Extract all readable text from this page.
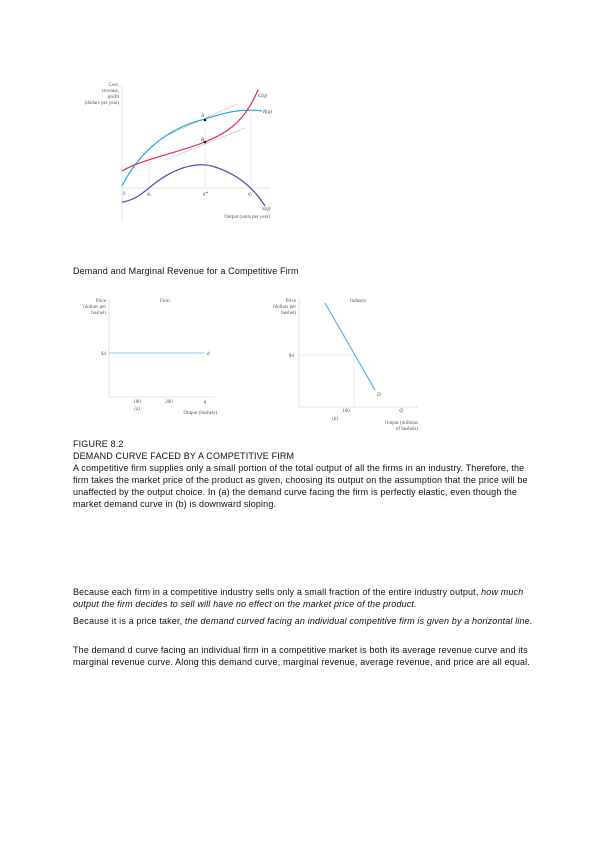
Cost,
revenue,
profit
(dollars per year)
A
B
C(q)
R(q)
π(q)
0	q₀	q*	q₁
Output (units per year)
Price
(dollars per
bushel)
Firm
$4	d
100	200	q
(a)
Output (bushels)
Price
(dollars per
bushel)
Industry
$4
D
100	Q
(b)
Output (millions
of bushels)
Demand and Marginal Revenue for a Competitive Firm
FIGURE 8.2
DEMAND CURVE FACED BY A COMPETITIVE FIRM
A competitive firm supplies only a small portion of the total output of all the firms in an industry. Therefore, the firm takes the market price of the product as given, choosing its output on the assumption that the price will be unaffected by the output choice. In (a) the demand curve facing the firm is perfectly elastic, even though the market demand curve in (b) is downward sloping.
Because each firm in a competitive industry sells only a small fraction of the entire industry output, how much output the firm decides to sell will have no effect on the market price of the product.
Because it is a price taker, the demand curved facing an individual competitive firm is given by a horizontal line.
The demand d curve facing an individual firm in a competitive market is both its average revenue curve and its marginal revenue curve. Along this demand curve, marginal revenue, average revenue, and price are all equal.
